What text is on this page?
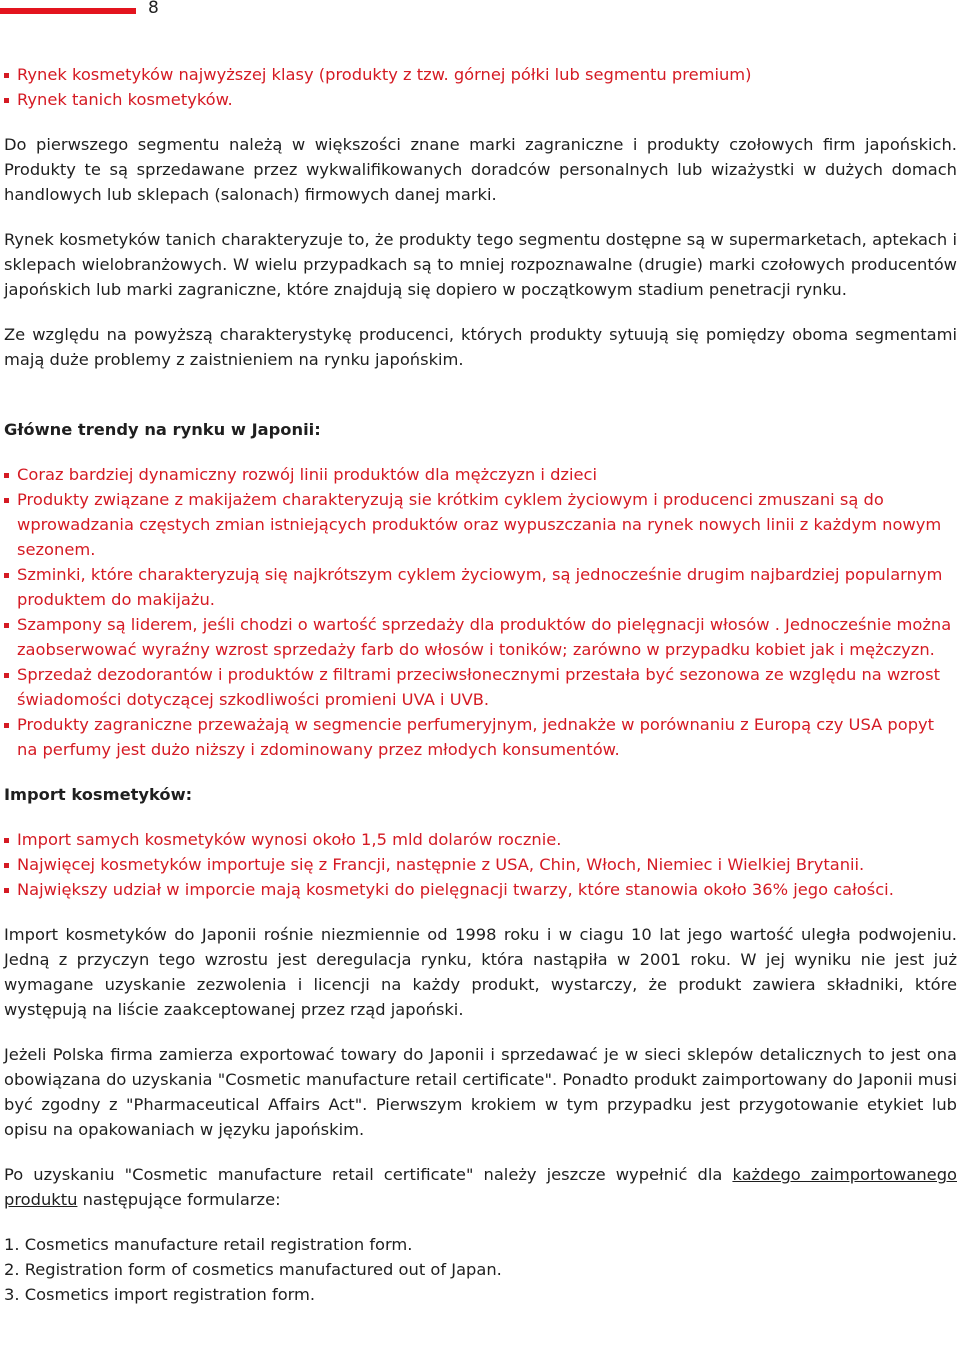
8
Rynek kosmetyków najwyższej klasy (produkty z tzw. górnej półki lub segmentu premium)
Rynek tanich kosmetyków.

Do pierwszego segmentu należą w większości znane marki zagraniczne i produkty czołowych firm japońskich. Produkty te są sprzedawane przez wykwalifikowanych doradców personalnych lub wizażystki w dużych domach handlowych lub sklepach (salonach) firmowych danej marki.

Rynek kosmetyków tanich charakteryzuje to, że produkty tego segmentu dostępne są w supermarketach, aptekach i sklepach wielobranżowych. W wielu przypadkach są to mniej rozpoznawalne (drugie) marki czołowych producentów japońskich lub marki zagraniczne, które znajdują się dopiero w początkowym stadium penetracji rynku.

Ze względu na powyższą charakterystykę producenci, których produkty sytuują się pomiędzy oboma segmentami mają duże problemy z zaistnieniem na rynku japońskim.

Główne trendy na rynku w Japonii:
Coraz bardziej dynamiczny rozwój linii produktów dla mężczyzn i dzieci
Produkty związane z makijażem charakteryzują sie krótkim cyklem życiowym i producenci zmuszani są do wprowadzania częstych zmian istniejących produktów oraz wypuszczania na rynek nowych linii z każdym nowym sezonem.
Szminki, które charakteryzują się najkrótszym cyklem życiowym, są jednocześnie drugim najbardziej popularnym produktem do makijażu.
Szampony są liderem, jeśli chodzi o wartość sprzedaży dla produktów do pielęgnacji włosów . Jednocześnie można zaobserwować wyraźny wzrost sprzedaży farb do włosów i toników; zarówno w przypadku kobiet jak i mężczyzn.
Sprzedaż dezodorantów i produktów z filtrami przeciwsłonecznymi przestała być sezonowa ze względu na wzrost świadomości dotyczącej szkodliwości promieni UVA i UVB.
Produkty zagraniczne przeważają w segmencie perfumeryjnym, jednakże w porównaniu z Europą czy USA popyt na perfumy jest dużo niższy i zdominowany przez młodych konsumentów.
Import kosmetyków:
Import samych kosmetyków wynosi około 1,5 mld dolarów rocznie.
Najwięcej kosmetyków importuje się z Francji, następnie z USA, Chin, Włoch, Niemiec i Wielkiej Brytanii.
Największy udział w imporcie mają kosmetyki do pielęgnacji twarzy, które stanowia około 36% jego całości.

Import kosmetyków do Japonii rośnie niezmiennie od 1998 roku i w ciagu 10 lat jego wartość uległa podwojeniu. Jedną z przyczyn tego wzrostu jest deregulacja rynku, która nastąpiła w 2001 roku. W jej wyniku nie jest już wymagane uzyskanie zezwolenia i licencji na każdy produkt, wystarczy, że produkt zawiera składniki, które występują na liście zaakceptowanej przez rząd japoński.

Jeżeli Polska firma zamierza exportować towary do Japonii i sprzedawać je w sieci sklepów detalicznych to jest ona obowiązana do uzyskania "Cosmetic manufacture retail certificate". Ponadto produkt zaimportowany do Japonii musi być zgodny z "Pharmaceutical Affairs Act". Pierwszym krokiem w tym przypadku jest przygotowanie etykiet lub opisu na opakowaniach w języku japońskim.

Po uzyskaniu "Cosmetic manufacture retail certificate" należy jeszcze wypełnić dla każdego zaimportowanego produktu następujące formularze:

1. Cosmetics manufacture retail registration form.
2. Registration form of cosmetics manufactured out of Japan.
3. Cosmetics import registration form.
